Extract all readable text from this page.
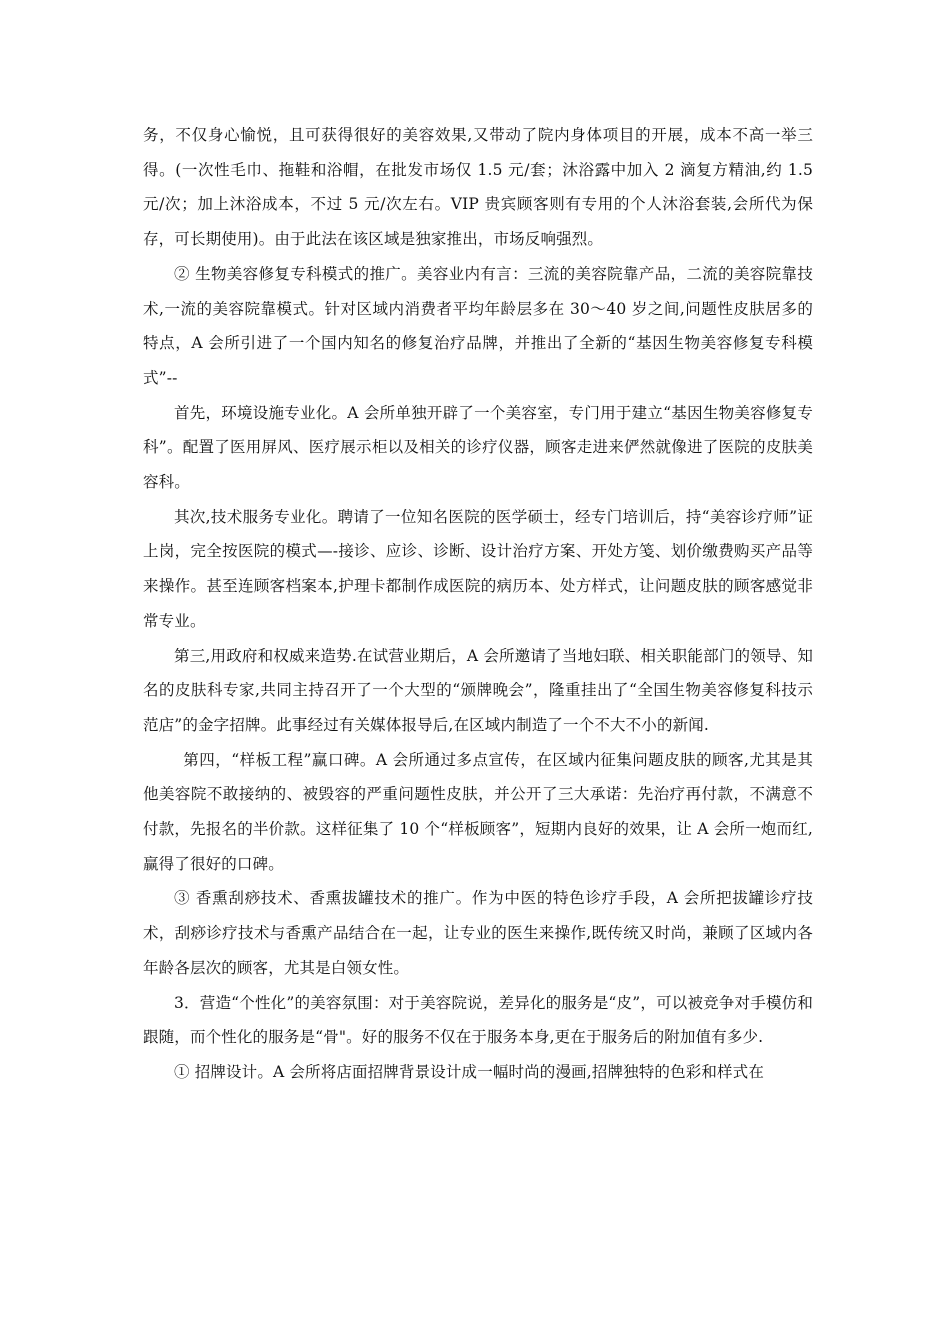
务，不仅身心愉悦，且可获得很好的美容效果,又带动了院内身体项目的开展，成本不高一举三得。(一次性毛巾、拖鞋和浴帽，在批发市场仅 1.5 元/套；沐浴露中加入 2 滴复方精油,约 1.5 元/次；加上沐浴成本，不过 5 元/次左右。VIP 贵宾顾客则有专用的个人沐浴套装,会所代为保存，可长期使用)。由于此法在该区域是独家推出，市场反响强烈。

② 生物美容修复专科模式的推广。美容业内有言：三流的美容院靠产品，二流的美容院靠技术,一流的美容院靠模式。针对区域内消费者平均年龄层多在 30～40 岁之间,问题性皮肤居多的特点，A 会所引进了一个国内知名的修复治疗品牌，并推出了全新的“基因生物美容修复专科模式”--

首先，环境设施专业化。A 会所单独开辟了一个美容室，专门用于建立“基因生物美容修复专科”。配置了医用屏风、医疗展示柜以及相关的诊疗仪器，顾客走进来俨然就像进了医院的皮肤美容科。

其次,技术服务专业化。聘请了一位知名医院的医学硕士，经专门培训后，持“美容诊疗师”证上岗，完全按医院的模式—-接诊、应诊、诊断、设计治疗方案、开处方笺、划价缴费购买产品等来操作。甚至连顾客档案本,护理卡都制作成医院的病历本、处方样式，让问题皮肤的顾客感觉非常专业。

第三,用政府和权威来造势.在试营业期后，A 会所邀请了当地妇联、相关职能部门的领导、知名的皮肤科专家,共同主持召开了一个大型的“颁牌晚会”，隆重挂出了“全国生物美容修复科技示范店”的金字招牌。此事经过有关媒体报导后,在区域内制造了一个不大不小的新闻.

第四，“样板工程”赢口碑。A 会所通过多点宣传，在区域内征集问题皮肤的顾客,尤其是其他美容院不敢接纳的、被毁容的严重问题性皮肤，并公开了三大承诺：先治疗再付款，不满意不付款，先报名的半价款。这样征集了 10 个“样板顾客”，短期内良好的效果，让 A 会所一炮而红,赢得了很好的口碑。

③ 香熏刮痧技术、香熏拔罐技术的推广。作为中医的特色诊疗手段，A 会所把拔罐诊疗技术，刮痧诊疗技术与香熏产品结合在一起，让专业的医生来操作,既传统又时尚，兼顾了区域内各年龄各层次的顾客，尤其是白领女性。

3．营造“个性化”的美容氛围：对于美容院说，差异化的服务是“皮”，可以被竞争对手模仿和跟随，而个性化的服务是“骨"。好的服务不仅在于服务本身,更在于服务后的附加值有多少.

① 招牌设计。A 会所将店面招牌背景设计成一幅时尚的漫画,招牌独特的色彩和样式在
